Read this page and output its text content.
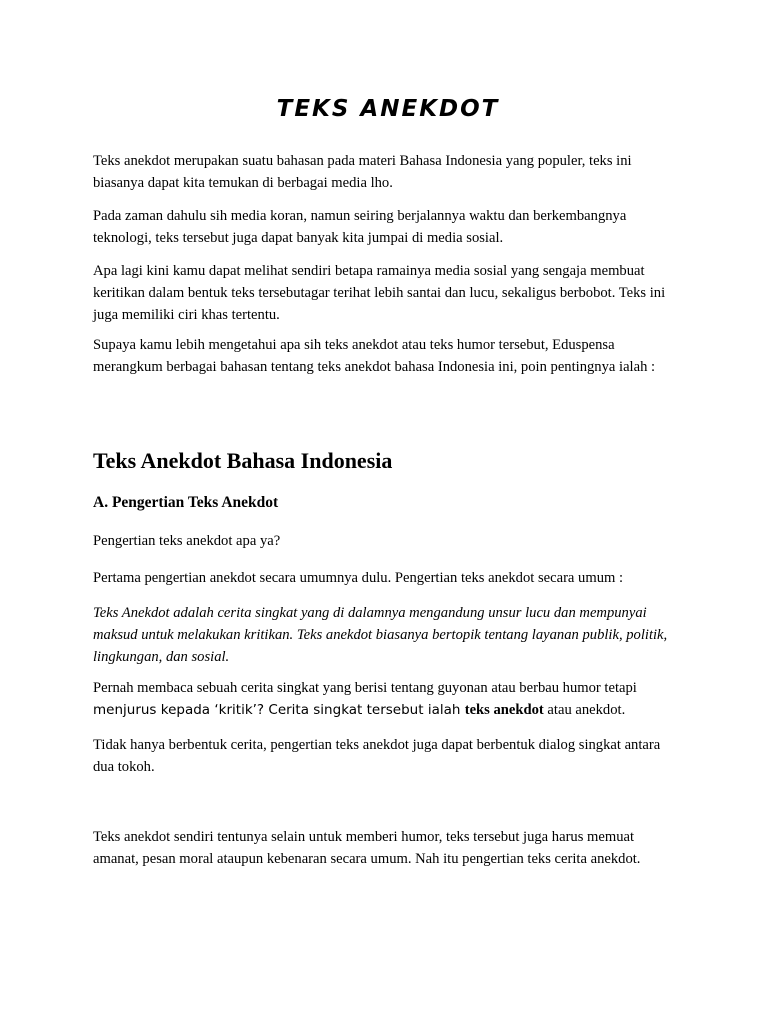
TEKS ANEKDOT

Teks anekdot merupakan suatu bahasan pada materi Bahasa Indonesia yang populer, teks ini biasanya dapat kita temukan di berbagai media lho.

Pada zaman dahulu sih media koran, namun seiring berjalannya waktu dan berkembangnya teknologi, teks tersebut juga dapat banyak kita jumpai di media sosial.

Apa lagi kini kamu dapat melihat sendiri betapa ramainya media sosial yang sengaja membuat keritikan dalam bentuk teks tersebutagar terihat lebih santai dan lucu, sekaligus berbobot. Teks ini juga memiliki ciri khas tertentu.

Supaya kamu lebih mengetahui apa sih teks anekdot atau teks humor tersebut, Eduspensa merangkum berbagai bahasan tentang teks anekdot bahasa Indonesia ini, poin pentingnya ialah :

Teks Anekdot Bahasa Indonesia
A. Pengertian Teks Anekdot

Pengertian teks anekdot apa ya?

Pertama pengertian anekdot secara umumnya dulu. Pengertian teks anekdot secara umum :

Teks Anekdot adalah cerita singkat yang di dalamnya mengandung unsur lucu dan mempunyai maksud untuk melakukan kritikan. Teks anekdot biasanya bertopik tentang layanan publik, politik, lingkungan, dan sosial.

Pernah membaca sebuah cerita singkat yang berisi tentang guyonan atau berbau humor tetapi
menjurus kepada ‘kritik’? Cerita singkat tersebut ialah teks anekdot atau anekdot.

Tidak hanya berbentuk cerita, pengertian teks anekdot juga dapat berbentuk dialog singkat antara dua tokoh.

Teks anekdot sendiri tentunya selain untuk memberi humor, teks tersebut juga harus memuat amanat, pesan moral ataupun kebenaran secara umum. Nah itu pengertian teks cerita anekdot.
